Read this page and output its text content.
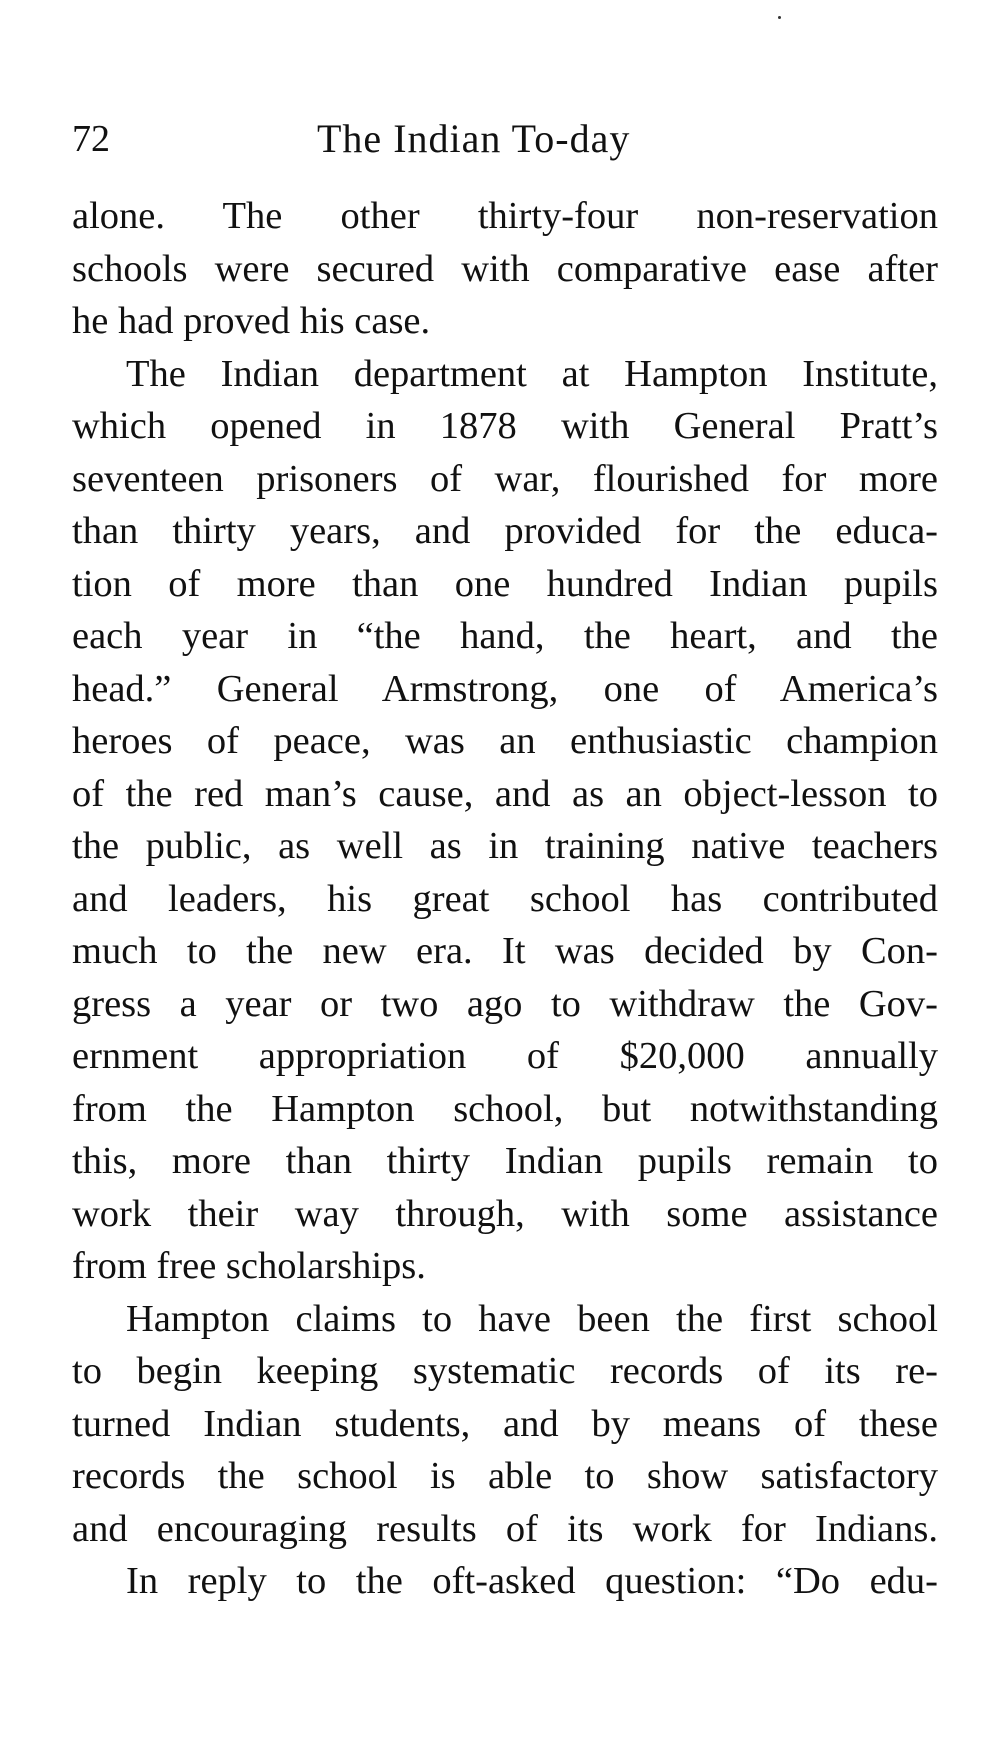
72	The Indian To-day
alone. The other thirty-four non-reservation
schools were secured with comparative ease after
he had proved his case.
The Indian department at Hampton Institute,
which opened in 1878 with General Pratt’s
seventeen prisoners of war, flourished for more
than thirty years, and provided for the educa-
tion of more than one hundred Indian pupils
each year in “the hand, the heart, and the
head.” General Armstrong, one of America’s
heroes of peace, was an enthusiastic champion
of the red man’s cause, and as an object-lesson to
the public, as well as in training native teachers
and leaders, his great school has contributed
much to the new era. It was decided by Con-
gress a year or two ago to withdraw the Gov-
ernment appropriation of $20,000 annually
from the Hampton school, but notwithstanding
this, more than thirty Indian pupils remain to
work their way through, with some assistance
from free scholarships.
Hampton claims to have been the first school
to begin keeping systematic records of its re-
turned Indian students, and by means of these
records the school is able to show satisfactory
and encouraging results of its work for Indians.
In reply to the oft-asked question: “Do edu-
